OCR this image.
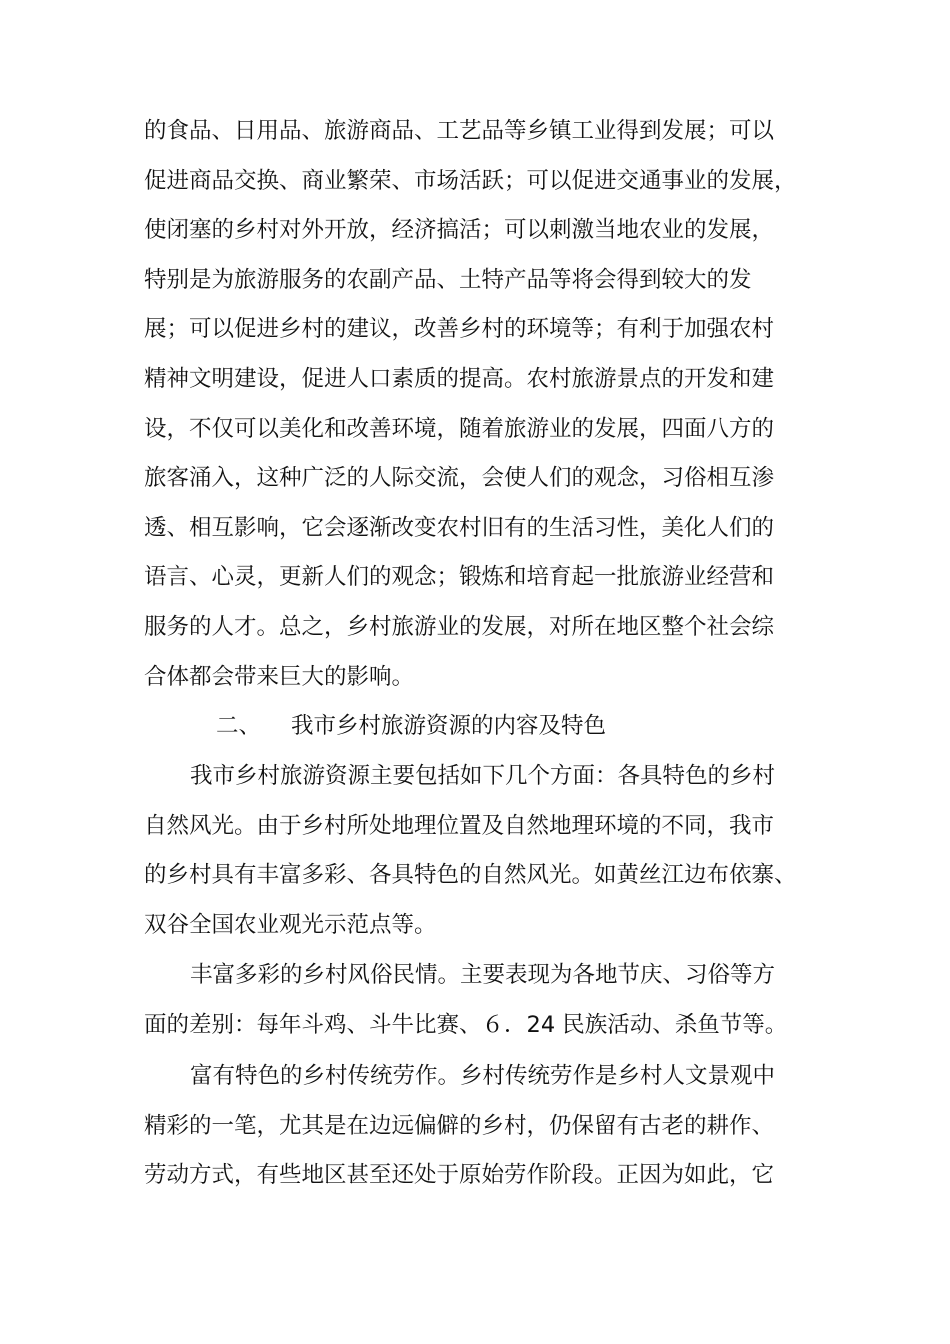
的食品、日用品、旅游商品、工艺品等乡镇工业得到发展；可以
促进商品交换、商业繁荣、市场活跃；可以促进交通事业的发展，
使闭塞的乡村对外开放，经济搞活；可以刺激当地农业的发展，
特别是为旅游服务的农副产品、土特产品等将会得到较大的发
展；可以促进乡村的建议，改善乡村的环境等；有利于加强农村
精神文明建设，促进人口素质的提高。农村旅游景点的开发和建
设，不仅可以美化和改善环境，随着旅游业的发展，四面八方的
旅客涌入，这种广泛的人际交流，会使人们的观念，习俗相互渗
透、相互影响，它会逐渐改变农村旧有的生活习性，美化人们的
语言、心灵，更新人们的观念；锻炼和培育起一批旅游业经营和
服务的人才。总之，乡村旅游业的发展，对所在地区整个社会综
合体都会带来巨大的影响。
二、 我市乡村旅游资源的内容及特色
我市乡村旅游资源主要包括如下几个方面：各具特色的乡村
自然风光。由于乡村所处地理位置及自然地理环境的不同，我市
的乡村具有丰富多彩、各具特色的自然风光。如黄丝江边布依寨、
双谷全国农业观光示范点等。
丰富多彩的乡村风俗民情。主要表现为各地节庆、习俗等方
面的差别：每年斗鸡、斗牛比赛、６．24 民族活动、杀鱼节等。
富有特色的乡村传统劳作。乡村传统劳作是乡村人文景观中
精彩的一笔，尤其是在边远偏僻的乡村，仍保留有古老的耕作、
劳动方式，有些地区甚至还处于原始劳作阶段。正因为如此，它
